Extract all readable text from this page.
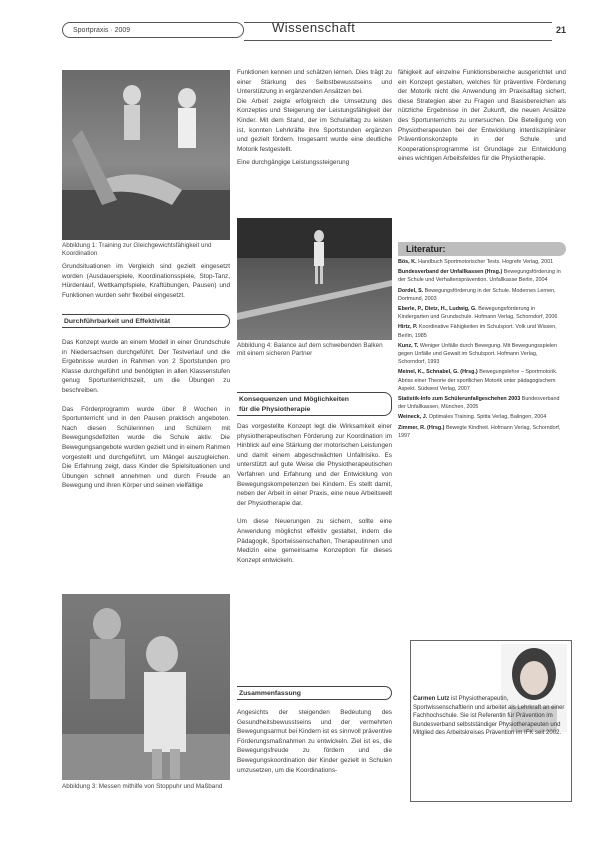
Sportpraxis · 2009	Wissenschaft	21
Abbildung 1: Training zur Gleichgewichtsfähigkeit und Koordination

Grundsituationen im Vergleich sind gezielt eingesetzt worden (Ausdauerspiele, Koordinationsspiele, Stop-Tanz, Hürdenlauf, Wettkampfspiele, Kraftübungen, Pausen) und Funktionen wurden sehr flexibel eingesetzt.

Durchführbarkeit und Effektivität

Das Konzept wurde an einem Modell in einer Grundschule in Niedersachsen durchgeführt. Der Testverlauf und die Ergebnisse wurden in Rahmen von 2 Sportstunden pro Klasse durchgeführt und benötigten in allen Klassenstufen genug Sportunterrichtszeit, um die Übungen zu beschreiben.

Das Förderprogramm wurde über 8 Wochen in Sportunterricht und in den Pausen praktisch angeboten. Nach diesen Schülerinnen und Schülern mit Bewegungsdefiziten wurde die Schule aktiv. Die Bewegungsangebote wurden gezielt und in einem Rahmen vorgestellt und durchgeführt, um Mängel auszugleichen. Die Erfahrung zeigt, dass Kinder die Spielsituationen und Übungen schnell annehmen und durch Freude an Bewegung und ihren Körper und seinen vielfältige

Abbildung 3: Messen mithilfe von Stoppuhr und Maßband

Funktionen kennen und schätzen lernen. Dies trägt zu einer Stärkung des Selbstbewusstseins und Unterstützung in ergänzenden Ansätzen bei.

Die Arbeit zeigte erfolgreich die Umsetzung des Konzeptes und Steigerung der Leistungsfähigkeit der Kinder. Mit dem Stand, der im Schulalltag zu leisten ist, konnten Lehrkräfte ihre Sportstunden ergänzen und gezielt fördern. Insgesamt wurde eine deutliche Motorik festgestellt.

Eine durchgängige Leistungssteigerung

Abbildung 4: Balance auf dem schwebenden Balken mit einem sicheren Partner
Konsequenzen und Möglichkeiten
für die Physiotherapie

Das vorgestellte Konzept legt die Wirksamkeit einer physiotherapeutischen Förderung zur Koordination im Hinblick auf eine Stärkung der motorischen Leistungen und damit einem abgeschwächten Unfallrisiko. Es unterstützt auf gute Weise die Physiotherapeutischen Verfahren und Erfahrung und der Entwicklung von Bewegungskompetenzen bei Kindern. Es stellt damit, neben der Arbeit in einer Praxis, eine neue Arbeitswelt der Physiotherapie dar.

Um diese Neuerungen zu sichern, sollte eine Anwendung möglichst effektiv gestaltet, indem die Pädagogik, Sportwissenschaften, Therapeutinnen und Medizin eine gemeinsame Konzeption für dieses Konzept entwickeln.

Zusammenfassung

Angesichts der steigenden Bedeutung des Gesundheitsbewusstseins und der vermehrten Bewegungsarmut bei Kindern ist es sinnvoll präventive Förderungsmaßnahmen zu entwickeln. Ziel ist es, die Bewegungsfreude zu fördern und die Bewegungskoordination der Kinder gezielt in Schulen umzusetzen, um die Koordinations-

fähigkeit auf einzelne Funktionsbereiche ausgerichtet und ein Konzept gestalten, welches für präventive Förderung der Motorik nicht die Anwendung im Praxisalltag sichert, diese Strategien aber zu Fragen und Basisbereichen als nützliche Ergebnisse in der Zukunft, die neuen Ansätze des Sportunterrichts zu untersuchen. Die Beteiligung von Physiotherapeuten bei der Entwicklung interdisziplinärer Präventionskonzepte in der Schule und Kooperationsprogramme ist Grundlage zur Entwicklung eines wichtigen Arbeitsfeldes für die Physiotherapie.

Literatur:

Bös, K. Handbuch Sportmotorischer Tests. Hogrefe Verlag, 2001

Bundesverband der Unfallkassen (Hrsg.) Bewegungsförderung in der Schule und Verhaltensprävention. Unfallkasse Berlin, 2004

Dordel, S. Bewegungsförderung in der Schule. Modernes Lernen, Dortmund, 2003

Eberle, P., Dietz, H., Ludwig, G. Bewegungsförderung in Kindergarten und Grundschule. Hofmann Verlag, Schorndorf, 2006

Hirtz, P. Koordinative Fähigkeiten im Schulsport. Volk und Wissen, Berlin, 1985

Kunz, T. Weniger Unfälle durch Bewegung. Mit Bewegungsspielen gegen Unfälle und Gewalt im Schulsport. Hofmann Verlag, Schorndorf, 1993

Meinel, K., Schnabel, G. (Hrsg.) Bewegungslehre – Sportmotorik. Abriss einer Theorie der sportlichen Motorik unter pädagogischem Aspekt. Südwest Verlag, 2007

Statistik-Info zum Schülerunfallgeschehen 2003 Bundesverband der Unfallkassen, München, 2005

Weineck, J. Optimales Training. Spitta Verlag, Balingen, 2004

Zimmer, R. (Hrsg.) Bewegte Kindheit. Hofmann Verlag, Schorndorf, 1997

Carmen Lutz ist Physiotherapeutin, Sportwissenschaftlerin und arbeitet als Lehrkraft an einer Fachhochschule. Sie ist Referentin für Prävention im Bundesverband selbstständiger Physiotherapeuten und Mitglied des Arbeitskreises Prävention im IFK seit 2002.
